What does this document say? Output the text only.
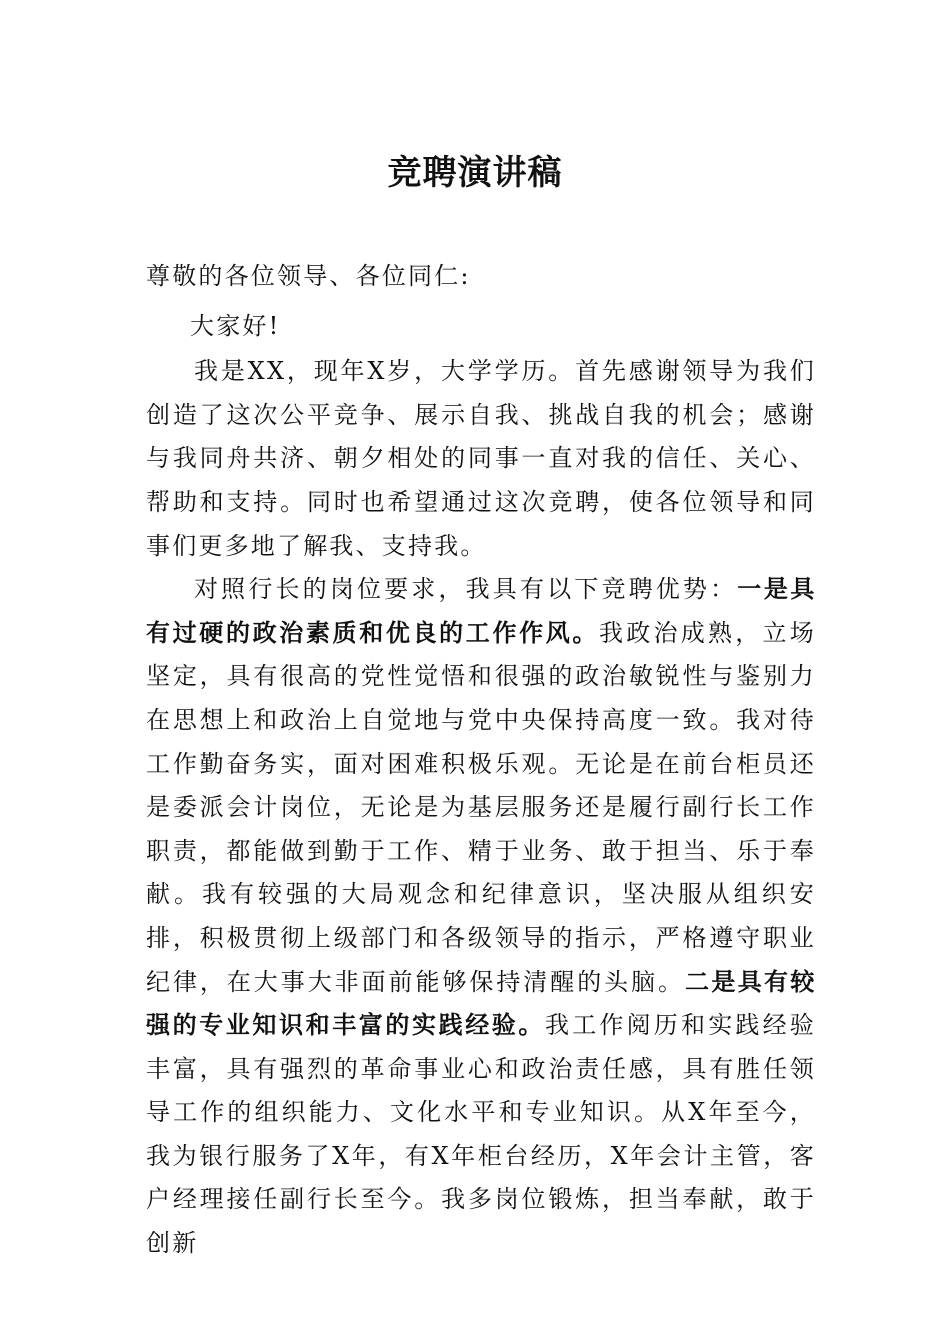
竞聘演讲稿

尊敬的各位领导、各位同仁:

大家好!

我是XX，现年X岁，大学学历。首先感谢领导为我们创造了这次公平竞争、展示自我、挑战自我的机会；感谢与我同舟共济、朝夕相处的同事一直对我的信任、关心、帮助和支持。同时也希望通过这次竞聘，使各位领导和同事们更多地了解我、支持我。

对照行长的岗位要求，我具有以下竞聘优势：一是具有过硬的政治素质和优良的工作作风。我政治成熟，立场坚定，具有很高的党性觉悟和很强的政治敏锐性与鉴别力在思想上和政治上自觉地与党中央保持高度一致。我对待工作勤奋务实，面对困难积极乐观。无论是在前台柜员还是委派会计岗位，无论是为基层服务还是履行副行长工作职责，都能做到勤于工作、精于业务、敢于担当、乐于奉献。我有较强的大局观念和纪律意识，坚决服从组织安排，积极贯彻上级部门和各级领导的指示，严格遵守职业纪律，在大事大非面前能够保持清醒的头脑。二是具有较强的专业知识和丰富的实践经验。我工作阅历和实践经验丰富，具有强烈的革命事业心和政治责任感，具有胜任领导工作的组织能力、文化水平和专业知识。从X年至今，我为银行服务了X年，有X年柜台经历，X年会计主管，客户经理接任副行长至今。我多岗位锻炼，担当奉献，敢于创新
